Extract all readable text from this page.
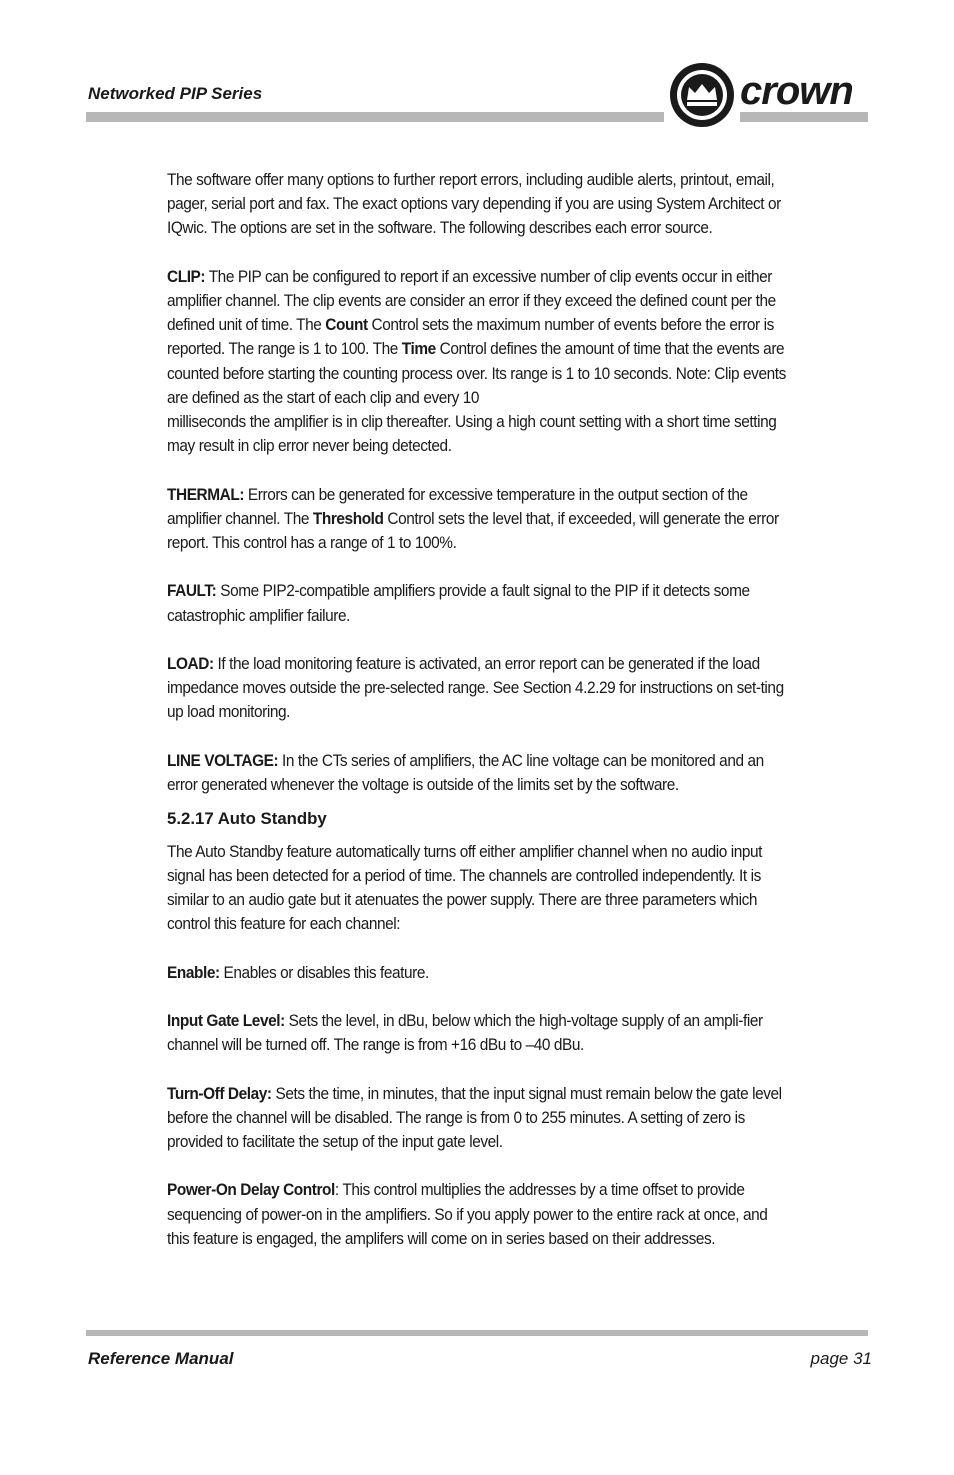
Networked PIP Series	crown

The software offer many options to further report errors, including audible alerts, printout, email, pager, serial port and fax. The exact options vary depending if you are using System Architect or IQwic. The options are set in the software. The following describes each error source.

CLIP: The PIP can be configured to report if an excessive number of clip events occur in either amplifier channel. The clip events are consider an error if they exceed the defined count per the defined unit of time. The Count Control sets the maximum number of events before the error is reported. The range is 1 to 100. The Time Control defines the amount of time that the events are counted before starting the counting process over. Its range is 1 to 10 seconds. Note: Clip events are defined as the start of each clip and every 10
milliseconds the amplifier is in clip thereafter. Using a high count setting with a short time setting may result in clip error never being detected.

THERMAL: Errors can be generated for excessive temperature in the output section of the amplifier channel. The Threshold Control sets the level that, if exceeded, will generate the error report. This control has a range of 1 to 100%.

FAULT: Some PIP2-compatible amplifiers provide a fault signal to the PIP if it detects some catastrophic amplifier failure.

LOAD: If the load monitoring feature is activated, an error report can be generated if the load impedance moves outside the pre-selected range. See Section 4.2.29 for instructions on set-ting up load monitoring.

LINE VOLTAGE: In the CTs series of amplifiers, the AC line voltage can be monitored and an error generated whenever the voltage is outside of the limits set by the software.

5.2.17 Auto Standby

The Auto Standby feature automatically turns off either amplifier channel when no audio input signal has been detected for a period of time. The channels are controlled independently. It is similar to an audio gate but it atenuates the power supply. There are three parameters which control this feature for each channel:

Enable: Enables or disables this feature.

Input Gate Level: Sets the level, in dBu, below which the high-voltage supply of an ampli-fier channel will be turned off. The range is from +16 dBu to –40 dBu.

Turn-Off Delay: Sets the time, in minutes, that the input signal must remain below the gate level before the channel will be disabled. The range is from 0 to 255 minutes. A setting of zero is provided to facilitate the setup of the input gate level.

Power-On Delay Control: This control multiplies the addresses by a time offset to provide sequencing of power-on in the amplifiers. So if you apply power to the entire rack at once, and this feature is engaged, the amplifers will come on in series based on their addresses.

Reference Manual	page 31
